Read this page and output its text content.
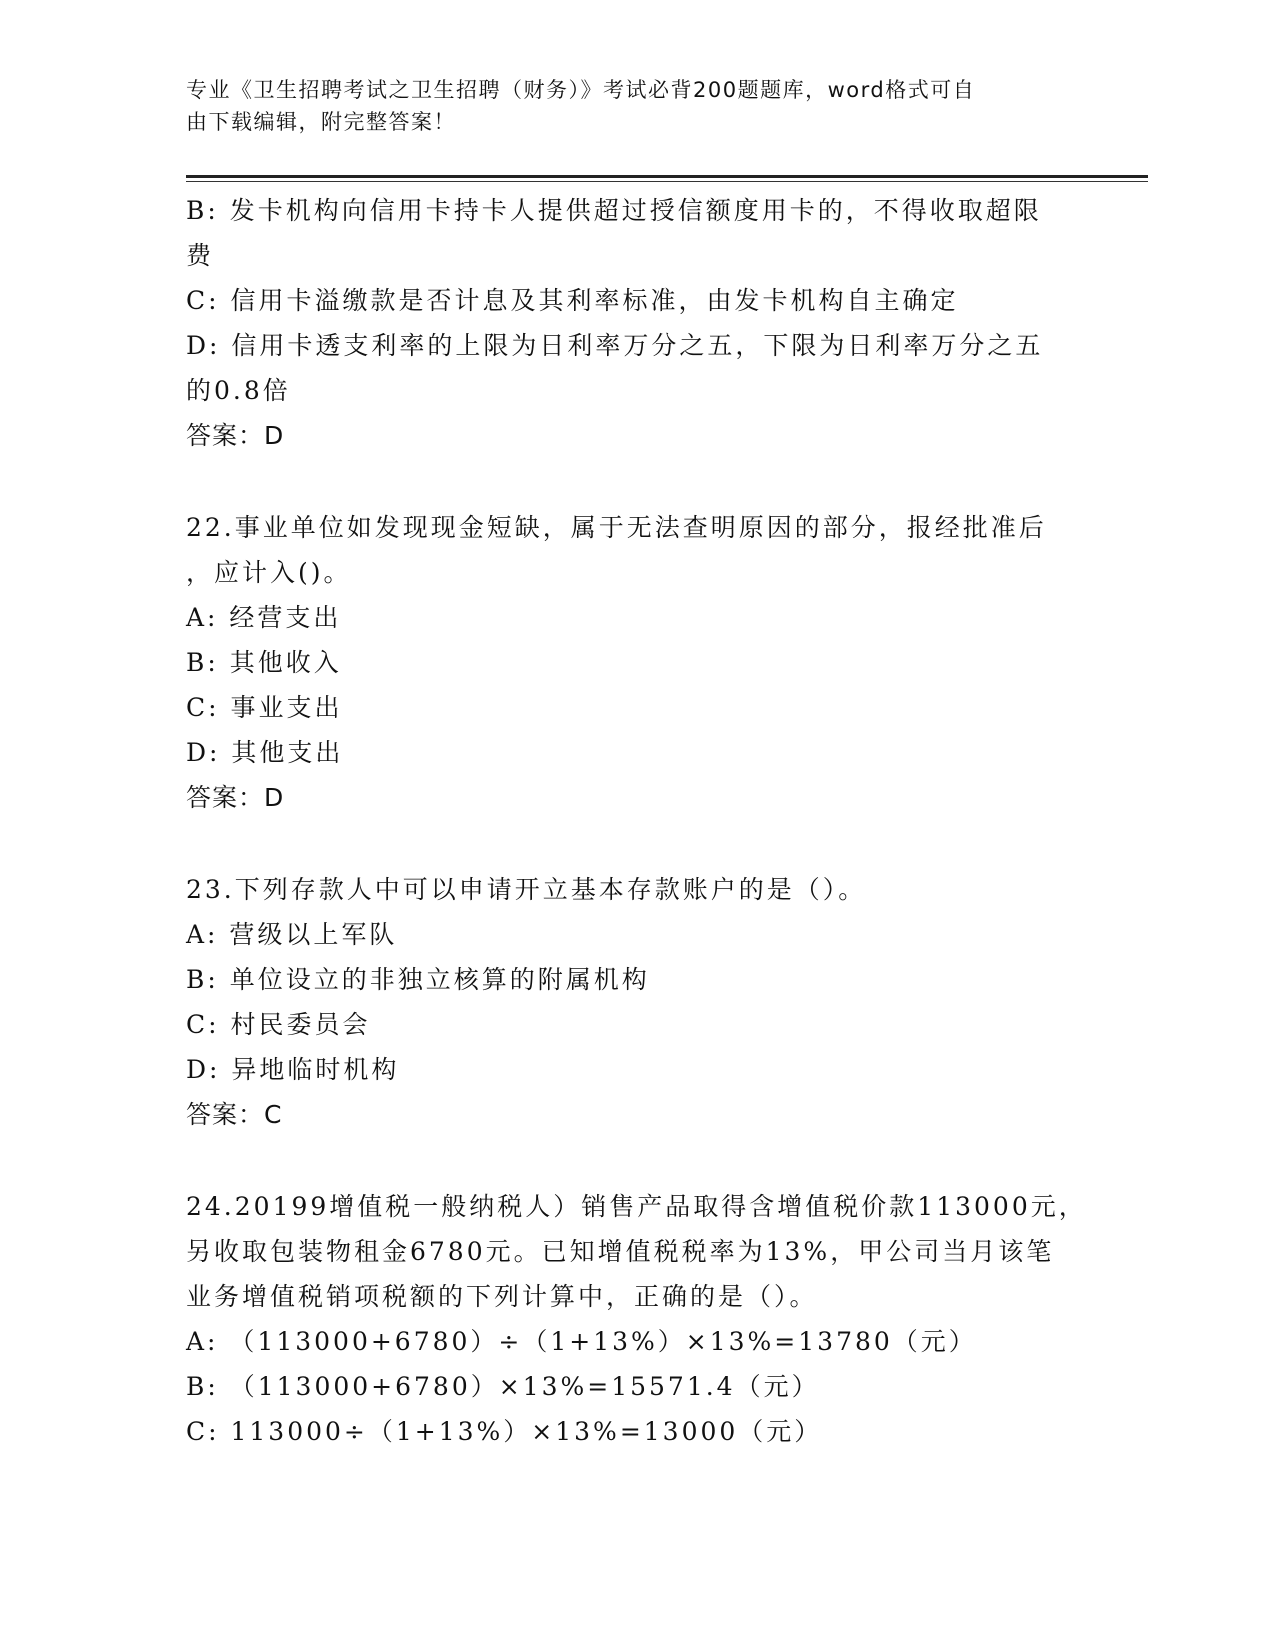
专业《卫生招聘考试之卫生招聘（财务）》考试必背200题题库，word格式可自
由下载编辑，附完整答案！
B: 发卡机构向信用卡持卡人提供超过授信额度用卡的，不得收取超限
费
C: 信用卡溢缴款是否计息及其利率标准，由发卡机构自主确定
D: 信用卡透支利率的上限为日利率万分之五，下限为日利率万分之五
的0.8倍
答案：D
22.事业单位如发现现金短缺，属于无法查明原因的部分，报经批准后
，应计入()。
A: 经营支出
B: 其他收入
C: 事业支出
D: 其他支出
答案：D
23.下列存款人中可以申请开立基本存款账户的是（）。
A: 营级以上军队
B: 单位设立的非独立核算的附属机构
C: 村民委员会
D: 异地临时机构
答案：C
24.20199增值税一般纳税人）销售产品取得含增值税价款113000元，
另收取包装物租金6780元。已知增值税税率为13%，甲公司当月该笔
业务增值税销项税额的下列计算中，正确的是（）。
A: （113000+6780）÷（1+13%）×13%=13780（元）
B: （113000+6780）×13%=15571.4（元）
C: 113000÷（1+13%）×13%=13000（元）
